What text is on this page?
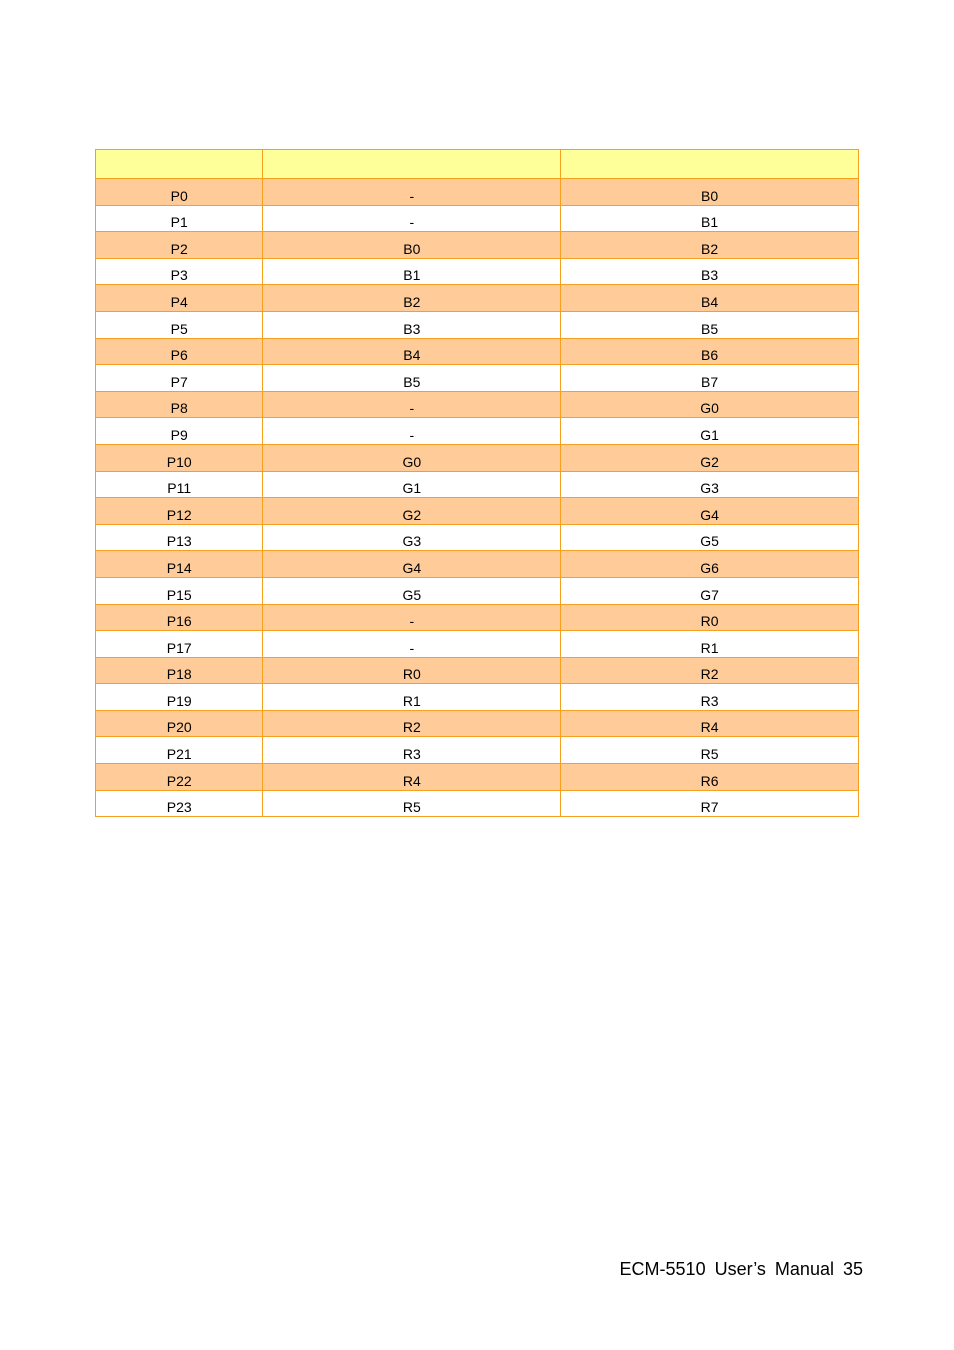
P0	-	B0
P1	-	B1
P2	B0	B2
P3	B1	B3
P4	B2	B4
P5	B3	B5
P6	B4	B6
P7	B5	B7
P8	-	G0
P9	-	G1
P10	G0	G2
P11	G1	G3
P12	G2	G4
P13	G3	G5
P14	G4	G6
P15	G5	G7
P16	-	R0
P17	-	R1
P18	R0	R2
P19	R1	R3
P20	R2	R4
P21	R3	R5
P22	R4	R6
P23	R5	R7
ECM-5510 User’s Manual 35
